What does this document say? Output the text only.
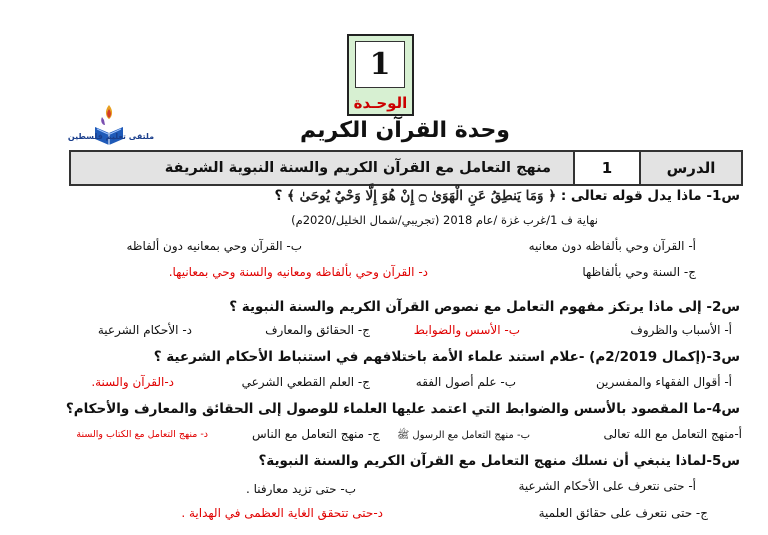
1
الوحـدة
ملتقى تعليم فلسطين	وحدة القرآن الكريم
الدرس
1
منهج التعامل مع القرآن الكريم والسنة النبوية الشريفة
س1- ماذا يدل قوله تعالى : ﴿ وَمَا يَنطِقُ عَنِ الْهَوَىٰ ۝ إِنْ هُوَ إِلَّا وَحْيٌ يُوحَىٰ ﴾ ؟
نهاية ف 1/غرب غزة /عام 2018 (تجريبي/شمال الخليل/2020م)
أ- القرآن وحي بألفاظه دون معانيه
ب- القرآن وحي بمعانيه دون ألفاظه
ج- السنة وحي بألفاظها
د- القرآن وحي بألفاظه ومعانيه والسنة وحي بمعانيها.
س2- إلى ماذا يرتكز مفهوم التعامل مع نصوص القرآن الكريم والسنة النبوية ؟
أ- الأسباب والظروف
ب- الأسس والضوابط
ج- الحقائق والمعارف
د- الأحكام الشرعية
س3-(إكمال 2/2019م) -علام استند علماء الأمة باختلافهم في استنباط الأحكام الشرعية ؟
أ- أقوال الفقهاء والمفسرين
ب- علم أصول الفقه
ج- العلم القطعي الشرعي
د-القرآن والسنة.
س4-ما المقصود بالأسس والضوابط التي اعتمد عليها العلماء للوصول إلى الحقائق والمعارف والأحكام؟
أ-منهج التعامل مع الله تعالى
ب- منهج التعامل مع الرسول ﷺ
ج- منهج التعامل مع الناس
د- منهج التعامل مع الكتاب والسنة
س5-لماذا ينبغي أن نسلك منهج التعامل مع القرآن الكريم والسنة النبوية؟
أ- حتى نتعرف على الأحكام الشرعية
ب- حتى تزيد معارفنا .
ج- حتى نتعرف على حقائق العلمية
د-حتى تتحقق الغاية العظمى في الهداية .
